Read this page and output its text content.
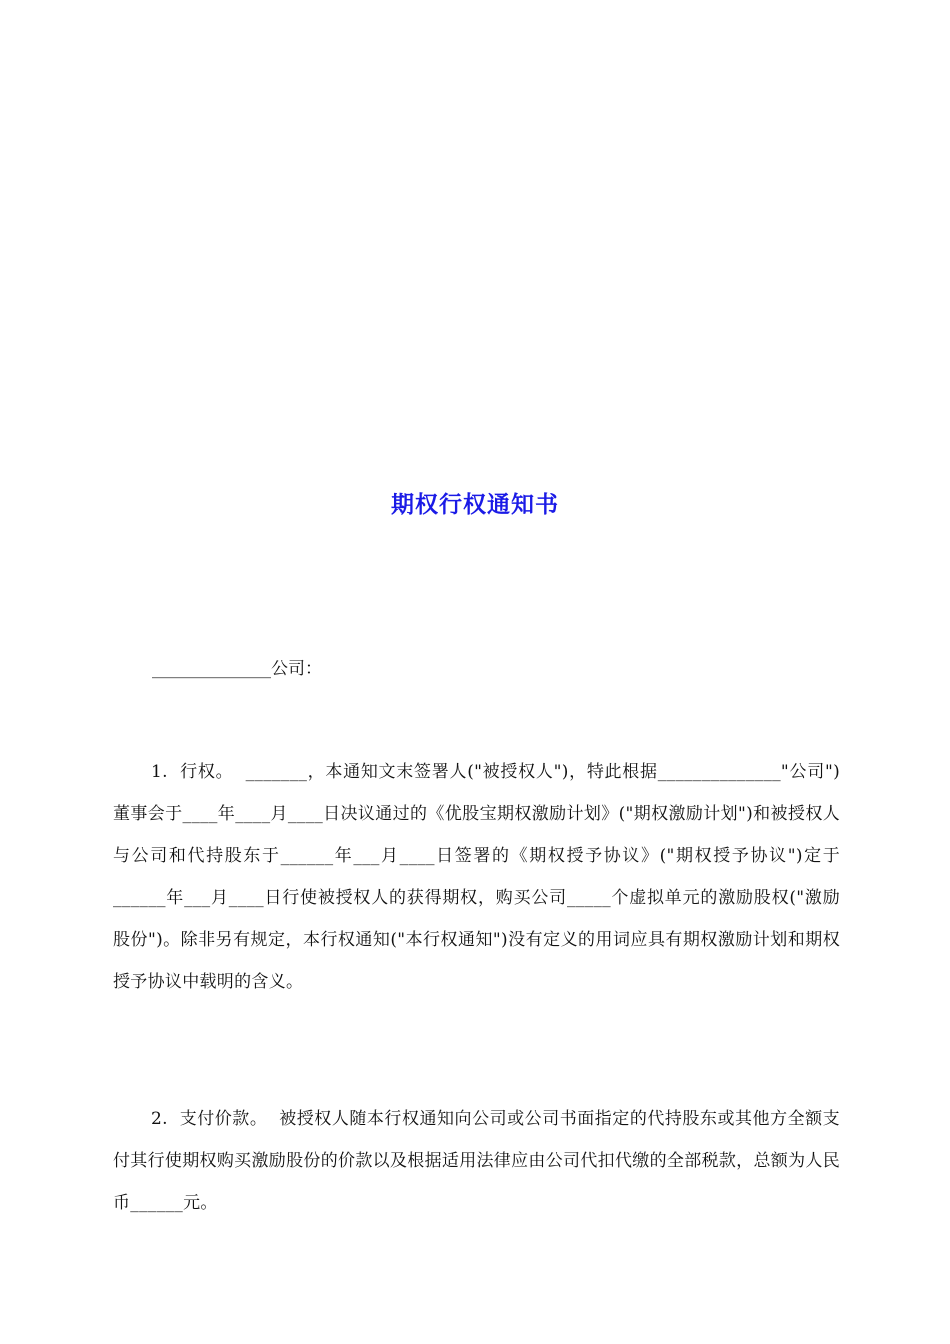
期权行权通知书
______________公司：
1. 行权。 _______，本通知文末签署人("被授权人")，特此根据______________"公司")董事会于____年____月____日决议通过的《优股宝期权激励计划》("期权激励计划")和被授权人与公司和代持股东于______年___月____日签署的《期权授予协议》("期权授予协议")定于______年___月____日行使被授权人的获得期权，购买公司_____个虚拟单元的激励股权("激励股份")。除非另有规定，本行权通知("本行权通知")没有定义的用词应具有期权激励计划和期权授予协议中载明的含义。
2. 支付价款。 被授权人随本行权通知向公司或公司书面指定的代持股东或其他方全额支付其行使期权购买激励股份的价款以及根据适用法律应由公司代扣代缴的全部税款，总额为人民币______元。
